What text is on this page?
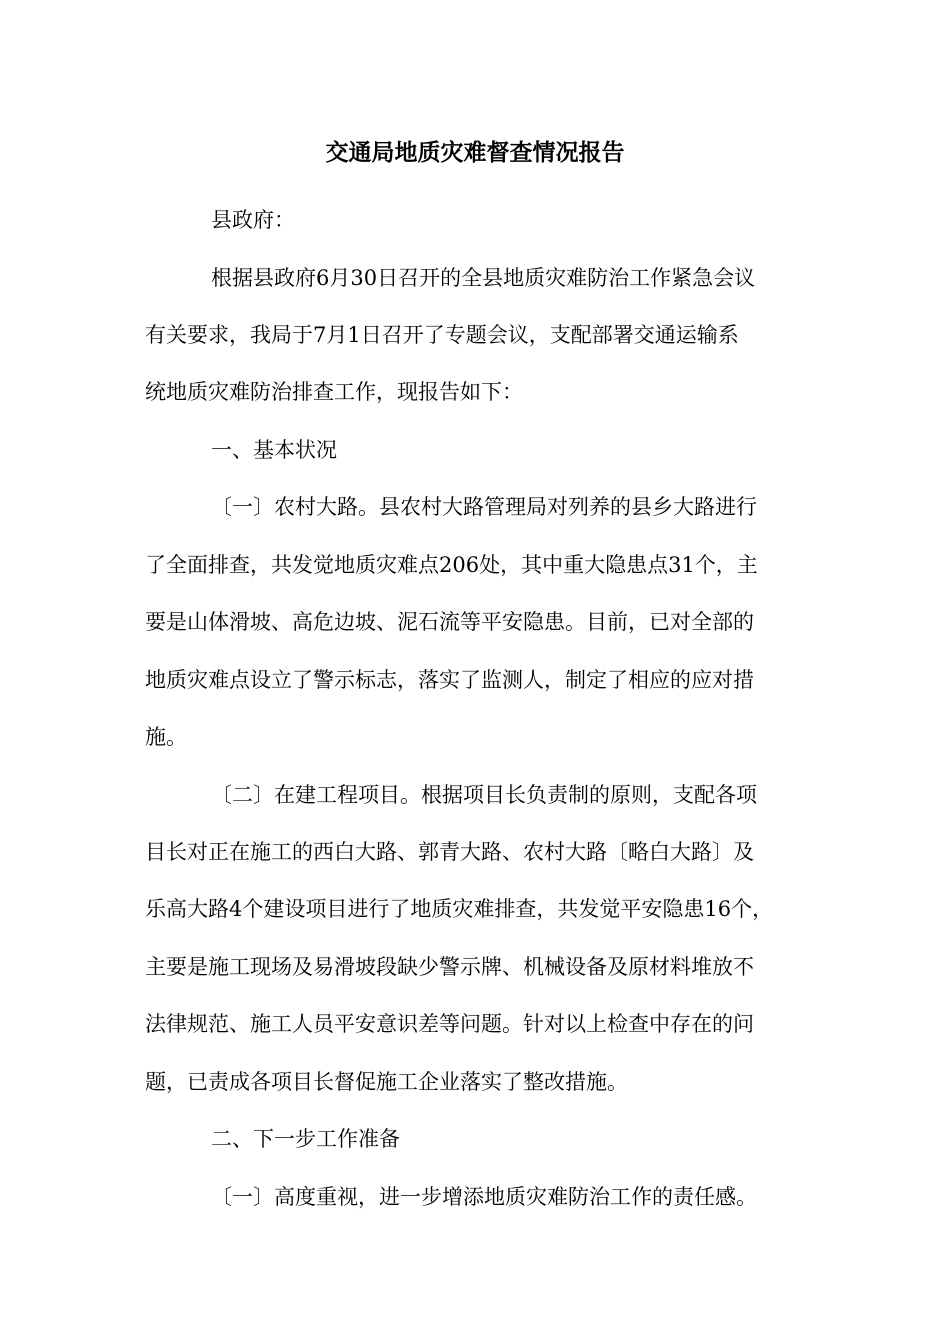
交通局地质灾难督查情况报告
县政府：
根据县政府6月30日召开的全县地质灾难防治工作紧急会议
有关要求，我局于7月1日召开了专题会议，支配部署交通运输系
统地质灾难防治排查工作，现报告如下：
一、基本状况
〔一〕农村大路。县农村大路管理局对列养的县乡大路进行
了全面排查，共发觉地质灾难点206处，其中重大隐患点31个，主
要是山体滑坡、高危边坡、泥石流等平安隐患。目前，已对全部的
地质灾难点设立了警示标志，落实了监测人，制定了相应的应对措
施。
〔二〕在建工程项目。根据项目长负责制的原则，支配各项
目长对正在施工的西白大路、郭青大路、农村大路〔略白大路〕及
乐高大路4个建设项目进行了地质灾难排查，共发觉平安隐患16个，
主要是施工现场及易滑坡段缺少警示牌、机械设备及原材料堆放不
法律规范、施工人员平安意识差等问题。针对以上检查中存在的问
题，已责成各项目长督促施工企业落实了整改措施。
二、下一步工作准备
〔一〕高度重视，进一步增添地质灾难防治工作的责任感。
